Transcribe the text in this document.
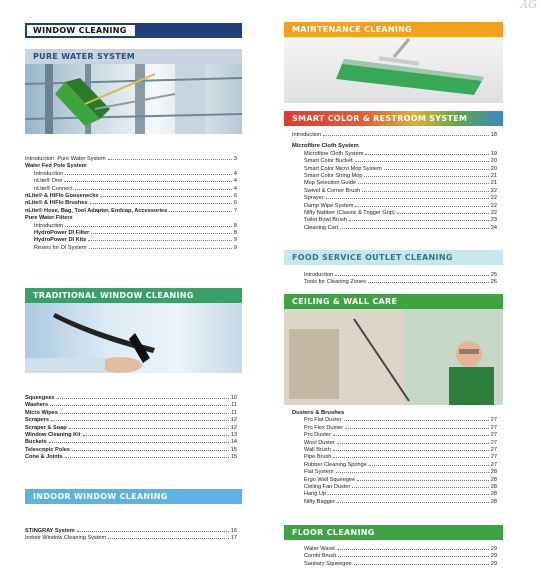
AG
WINDOW CLEANING
PURE WATER SYSTEM
Introduction: Pure Water System	3
Water Fed Pole System
Introduction	4
nLite® One	4
nLite® Connect	4
nLite® & HiFlo Goosenecks	6
nLite® & HiFlo Brushes	6
nLite® Hose, Bag, Tool Adapter, Endcap, Accessories	7
Pure Water Filters
Introduction	8
HydroPower DI Filter	8
HydroPower DI Kits	9
Resins for DI System	9
TRADITIONAL WINDOW CLEANING
Squeegees	10
Washers	11
Micro Wipes	11
Scrapers	12
Scraper & Soap	12
Window Cleaning Kit	13
Buckets	14
Telescopic Poles	15
Cone & Joints	15
INDOOR WINDOW CLEANING
STINGRAY System	16
Indoor Window Cleaning System	17
MAINTENANCE CLEANING
SMART COLOR & RESTROOM SYSTEM
Introduction	18
Microfibre Cloth System
Microfibre Cloth System	19
Smart Color Bucket	20
Smart Color Micro Mop System	20
Smart Color String Mop	21
Mop Selection Guide	21
Swivel & Corner Brush	22
Sprayer	22
Damp Wipe System	22
Nifty Nabber (Classic & Trigger Grip)	22
Toilet Bowl Brush	23
Cleaning Cart	24
FOOD SERVICE OUTLET CLEANING
Introduction	25
Tools for Cleaning Zones	26
CEILING & WALL CARE
Dusters & Brushes
Pro Flat Duster	27
Pro Flex Duster	27
Pro Duster	27
Wool Duster	27
Wall Brush	27
Pipe Brush	27
Rubber Cleaning Sponge	27
Flat System	28
Ergo Wall Squeegee	28
Ceiling Fan Duster	28
Hang Up	28
Nifty Bagger	28
FLOOR CLEANING
Water Wand	29
Combi Brush	29
Sanitary Squeegee	29
